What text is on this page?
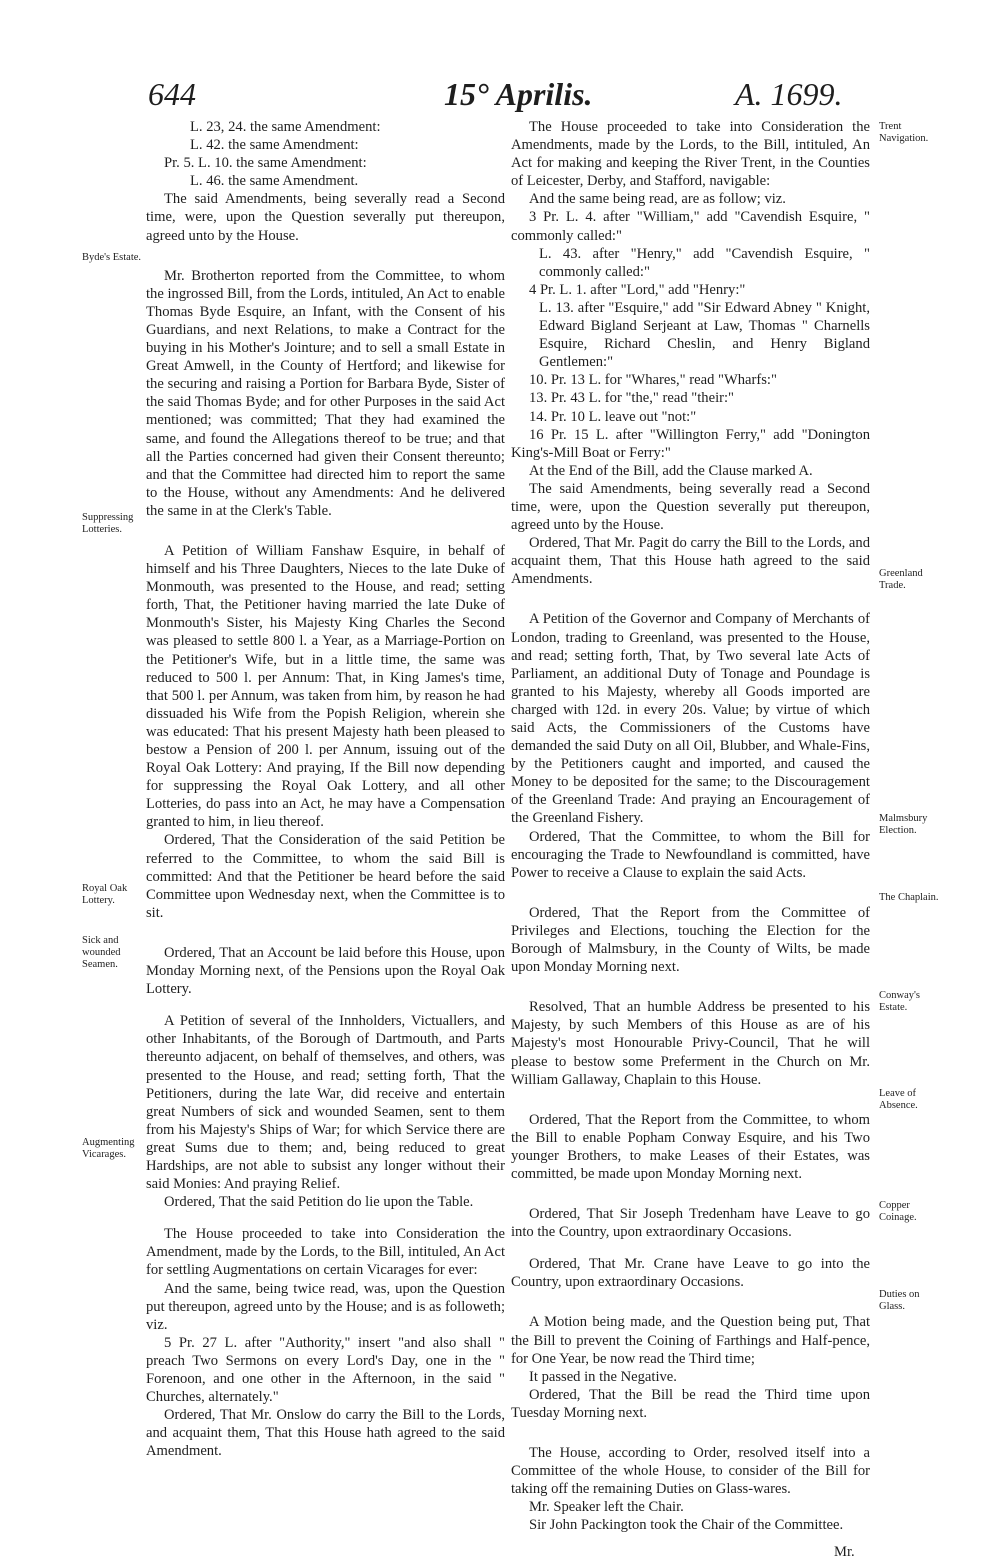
644	15° Aprilis.	A. 1699.
Byde's Estate.
Suppressing Lotteries.
Royal Oak Lottery.
Sick and wounded Seamen.
Augmenting Vicarages.
Trent Navigation.
Greenland Trade.
Malmsbury Election.
The Chaplain.
Conway's Estate.
Leave of Absence.
Copper Coinage.
Duties on Glass.

L. 23, 24. the same Amendment:

L. 42. the same Amendment:

Pr. 5. L. 10. the same Amendment:

L. 46. the same Amendment.

The said Amendments, being severally read a Second time, were, upon the Question severally put thereupon, agreed unto by the House.

Mr. Brotherton reported from the Committee, to whom the ingrossed Bill, from the Lords, intituled, An Act to enable Thomas Byde Esquire, an Infant, with the Consent of his Guardians, and next Relations, to make a Contract for the buying in his Mother's Jointure; and to sell a small Estate in Great Amwell, in the County of Hertford; and likewise for the securing and raising a Portion for Barbara Byde, Sister of the said Thomas Byde; and for other Purposes in the said Act mentioned; was committed; That they had examined the same, and found the Allegations thereof to be true; and that all the Parties concerned had given their Consent thereunto; and that the Committee had directed him to report the same to the House, without any Amendments: And he delivered the same in at the Clerk's Table.

A Petition of William Fanshaw Esquire, in behalf of himself and his Three Daughters, Nieces to the late Duke of Monmouth, was presented to the House, and read; setting forth, That, the Petitioner having married the late Duke of Monmouth's Sister, his Majesty King Charles the Second was pleased to settle 800 l. a Year, as a Marriage-Portion on the Petitioner's Wife, but in a little time, the same was reduced to 500 l. per Annum: That, in King James's time, that 500 l. per Annum, was taken from him, by reason he had dissuaded his Wife from the Popish Religion, wherein she was educated: That his present Majesty hath been pleased to bestow a Pension of 200 l. per Annum, issuing out of the Royal Oak Lottery: And praying, If the Bill now depending for suppressing the Royal Oak Lottery, and all other Lotteries, do pass into an Act, he may have a Compensation granted to him, in lieu thereof.

Ordered, That the Consideration of the said Petition be referred to the Committee, to whom the said Bill is committed: And that the Petitioner be heard before the said Committee upon Wednesday next, when the Committee is to sit.

Ordered, That an Account be laid before this House, upon Monday Morning next, of the Pensions upon the Royal Oak Lottery.

A Petition of several of the Innholders, Victuallers, and other Inhabitants, of the Borough of Dartmouth, and Parts thereunto adjacent, on behalf of themselves, and others, was presented to the House, and read; setting forth, That the Petitioners, during the late War, did receive and entertain great Numbers of sick and wounded Seamen, sent to them from his Majesty's Ships of War; for which Service there are great Sums due to them; and, being reduced to great Hardships, are not able to subsist any longer without their said Monies: And praying Relief.

Ordered, That the said Petition do lie upon the Table.

The House proceeded to take into Consideration the Amendment, made by the Lords, to the Bill, intituled, An Act for settling Augmentations on certain Vicarages for ever:

And the same, being twice read, was, upon the Question put thereupon, agreed unto by the House; and is as followeth; viz.

5 Pr. 27 L. after "Authority," insert "and also shall " preach Two Sermons on every Lord's Day, one in the " Forenoon, and one other in the Afternoon, in the said " Churches, alternately."

Ordered, That Mr. Onslow do carry the Bill to the Lords, and acquaint them, That this House hath agreed to the said Amendment.

The House proceeded to take into Consideration the Amendments, made by the Lords, to the Bill, intituled, An Act for making and keeping the River Trent, in the Counties of Leicester, Derby, and Stafford, navigable:

And the same being read, are as follow; viz.

3 Pr. L. 4. after "William," add "Cavendish Esquire, " commonly called:"

L. 43. after "Henry," add "Cavendish Esquire, " commonly called:"

4 Pr. L. 1. after "Lord," add "Henry:"

L. 13. after "Esquire," add "Sir Edward Abney " Knight, Edward Bigland Serjeant at Law, Thomas " Charnells Esquire, Richard Cheslin, and Henry Bigland Gentlemen:"

10. Pr. 13 L. for "Whares," read "Wharfs:"

13. Pr. 43 L. for "the," read "their:"

14. Pr. 10 L. leave out "not:"

16 Pr. 15 L. after "Willington Ferry," add "Donington King's-Mill Boat or Ferry:"

At the End of the Bill, add the Clause marked A.

The said Amendments, being severally read a Second time, were, upon the Question severally put thereupon, agreed unto by the House.

Ordered, That Mr. Pagit do carry the Bill to the Lords, and acquaint them, That this House hath agreed to the said Amendments.

A Petition of the Governor and Company of Merchants of London, trading to Greenland, was presented to the House, and read; setting forth, That, by Two several late Acts of Parliament, an additional Duty of Tonage and Poundage is granted to his Majesty, whereby all Goods imported are charged with 12d. in every 20s. Value; by virtue of which said Acts, the Commissioners of the Customs have demanded the said Duty on all Oil, Blubber, and Whale-Fins, by the Petitioners caught and imported, and caused the Money to be deposited for the same; to the Discouragement of the Greenland Trade: And praying an Encouragement of the Greenland Fishery.

Ordered, That the Committee, to whom the Bill for encouraging the Trade to Newfoundland is committed, have Power to receive a Clause to explain the said Acts.

Ordered, That the Report from the Committee of Privileges and Elections, touching the Election for the Borough of Malmsbury, in the County of Wilts, be made upon Monday Morning next.

Resolved, That an humble Address be presented to his Majesty, by such Members of this House as are of his Majesty's most Honourable Privy-Council, That he will please to bestow some Preferment in the Church on Mr. William Gallaway, Chaplain to this House.

Ordered, That the Report from the Committee, to whom the Bill to enable Popham Conway Esquire, and his Two younger Brothers, to make Leases of their Estates, was committed, be made upon Monday Morning next.

Ordered, That Sir Joseph Tredenham have Leave to go into the Country, upon extraordinary Occasions.

Ordered, That Mr. Crane have Leave to go into the Country, upon extraordinary Occasions.

A Motion being made, and the Question being put, That the Bill to prevent the Coining of Farthings and Half-pence, for One Year, be now read the Third time;

It passed in the Negative.

Ordered, That the Bill be read the Third time upon Tuesday Morning next.

The House, according to Order, resolved itself into a Committee of the whole House, to consider of the Bill for taking off the remaining Duties on Glass-wares.

Mr. Speaker left the Chair.

Sir John Packington took the Chair of the Committee.

Mr.
